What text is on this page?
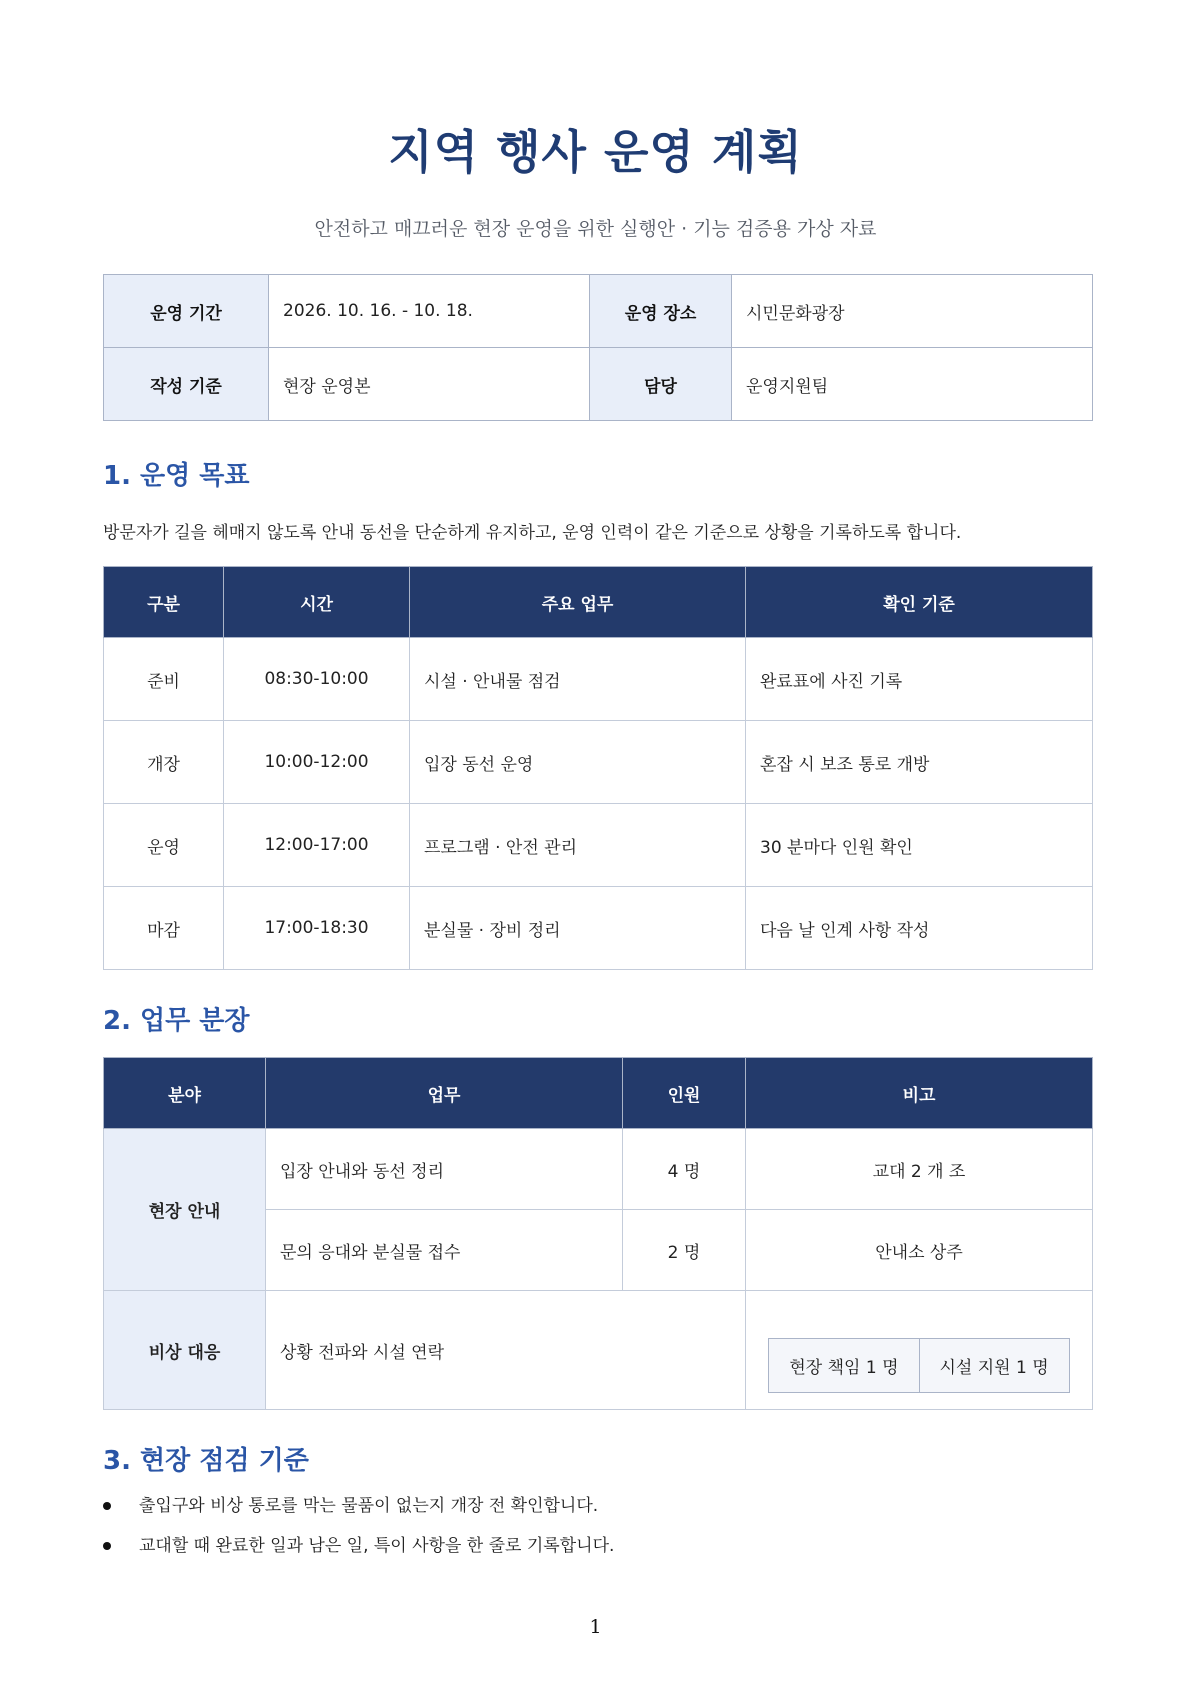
지역 행사 운영 계획
안전하고 매끄러운 현장 운영을 위한 실행안 · 기능 검증용 가상 자료
운영 기간	2026. 10. 16. - 10. 18.	운영 장소	시민문화광장
작성 기준	현장 운영본	담당	운영지원팀
1. 운영 목표
방문자가 길을 헤매지 않도록 안내 동선을 단순하게 유지하고, 운영 인력이 같은 기준으로 상황을 기록하도록 합니다.
구분	시간	주요 업무	확인 기준
준비	08:30-10:00	시설 · 안내물 점검	완료표에 사진 기록
개장	10:00-12:00	입장 동선 운영	혼잡 시 보조 통로 개방
운영	12:00-17:00	프로그램 · 안전 관리	30 분마다 인원 확인
마감	17:00-18:30	분실물 · 장비 정리	다음 날 인계 사항 작성
2. 업무 분장
분야	업무	인원	비고
현장 안내	입장 안내와 동선 정리	4 명	교대 2 개 조
	문의 응대와 분실물 접수	2 명	안내소 상주
비상 대응	상황 전파와 시설 연락		현장 책임 1 명 시설 지원 1 명
3. 현장 점검 기준
출입구와 비상 통로를 막는 물품이 없는지 개장 전 확인합니다.
교대할 때 완료한 일과 남은 일, 특이 사항을 한 줄로 기록합니다.
1
